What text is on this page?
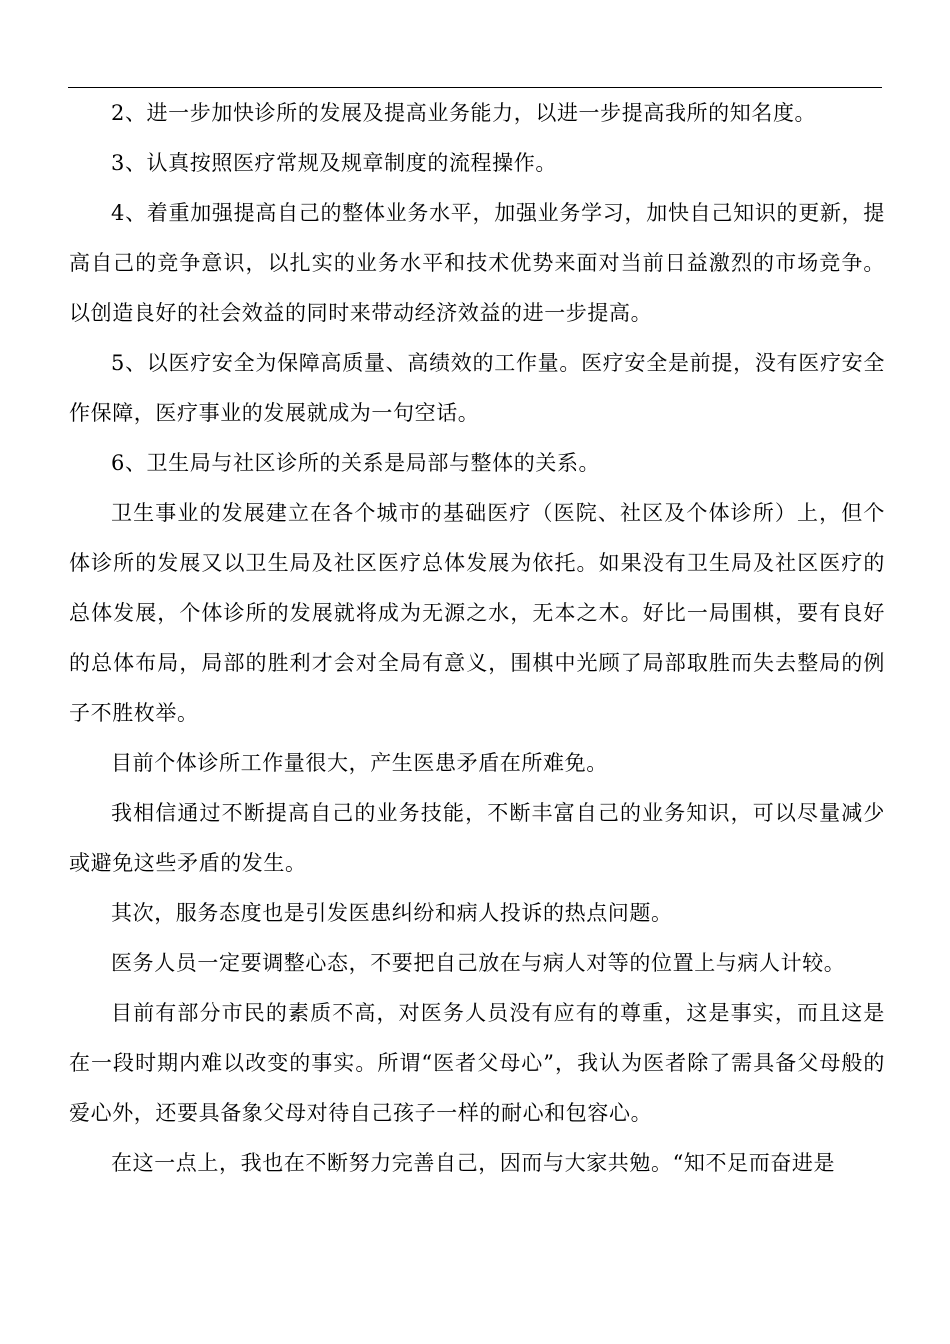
2、进一步加快诊所的发展及提高业务能力，以进一步提高我所的知名度。

3、认真按照医疗常规及规章制度的流程操作。

4、着重加强提高自己的整体业务水平，加强业务学习，加快自己知识的更新，提高自己的竞争意识，以扎实的业务水平和技术优势来面对当前日益激烈的市场竞争。以创造良好的社会效益的同时来带动经济效益的进一步提高。

5、以医疗安全为保障高质量、高绩效的工作量。医疗安全是前提，没有医疗安全作保障，医疗事业的发展就成为一句空话。

6、卫生局与社区诊所的关系是局部与整体的关系。

卫生事业的发展建立在各个城市的基础医疗（医院、社区及个体诊所）上，但个体诊所的发展又以卫生局及社区医疗总体发展为依托。如果没有卫生局及社区医疗的总体发展，个体诊所的发展就将成为无源之水，无本之木。好比一局围棋，要有良好的总体布局，局部的胜利才会对全局有意义，围棋中光顾了局部取胜而失去整局的例子不胜枚举。

目前个体诊所工作量很大，产生医患矛盾在所难免。

我相信通过不断提高自己的业务技能，不断丰富自己的业务知识，可以尽量减少或避免这些矛盾的发生。

其次，服务态度也是引发医患纠纷和病人投诉的热点问题。

医务人员一定要调整心态，不要把自己放在与病人对等的位置上与病人计较。

目前有部分市民的素质不高，对医务人员没有应有的尊重，这是事实，而且这是在一段时期内难以改变的事实。所谓“医者父母心”，我认为医者除了需具备父母般的爱心外，还要具备象父母对待自己孩子一样的耐心和包容心。

在这一点上，我也在不断努力完善自己，因而与大家共勉。“知不足而奋进是
